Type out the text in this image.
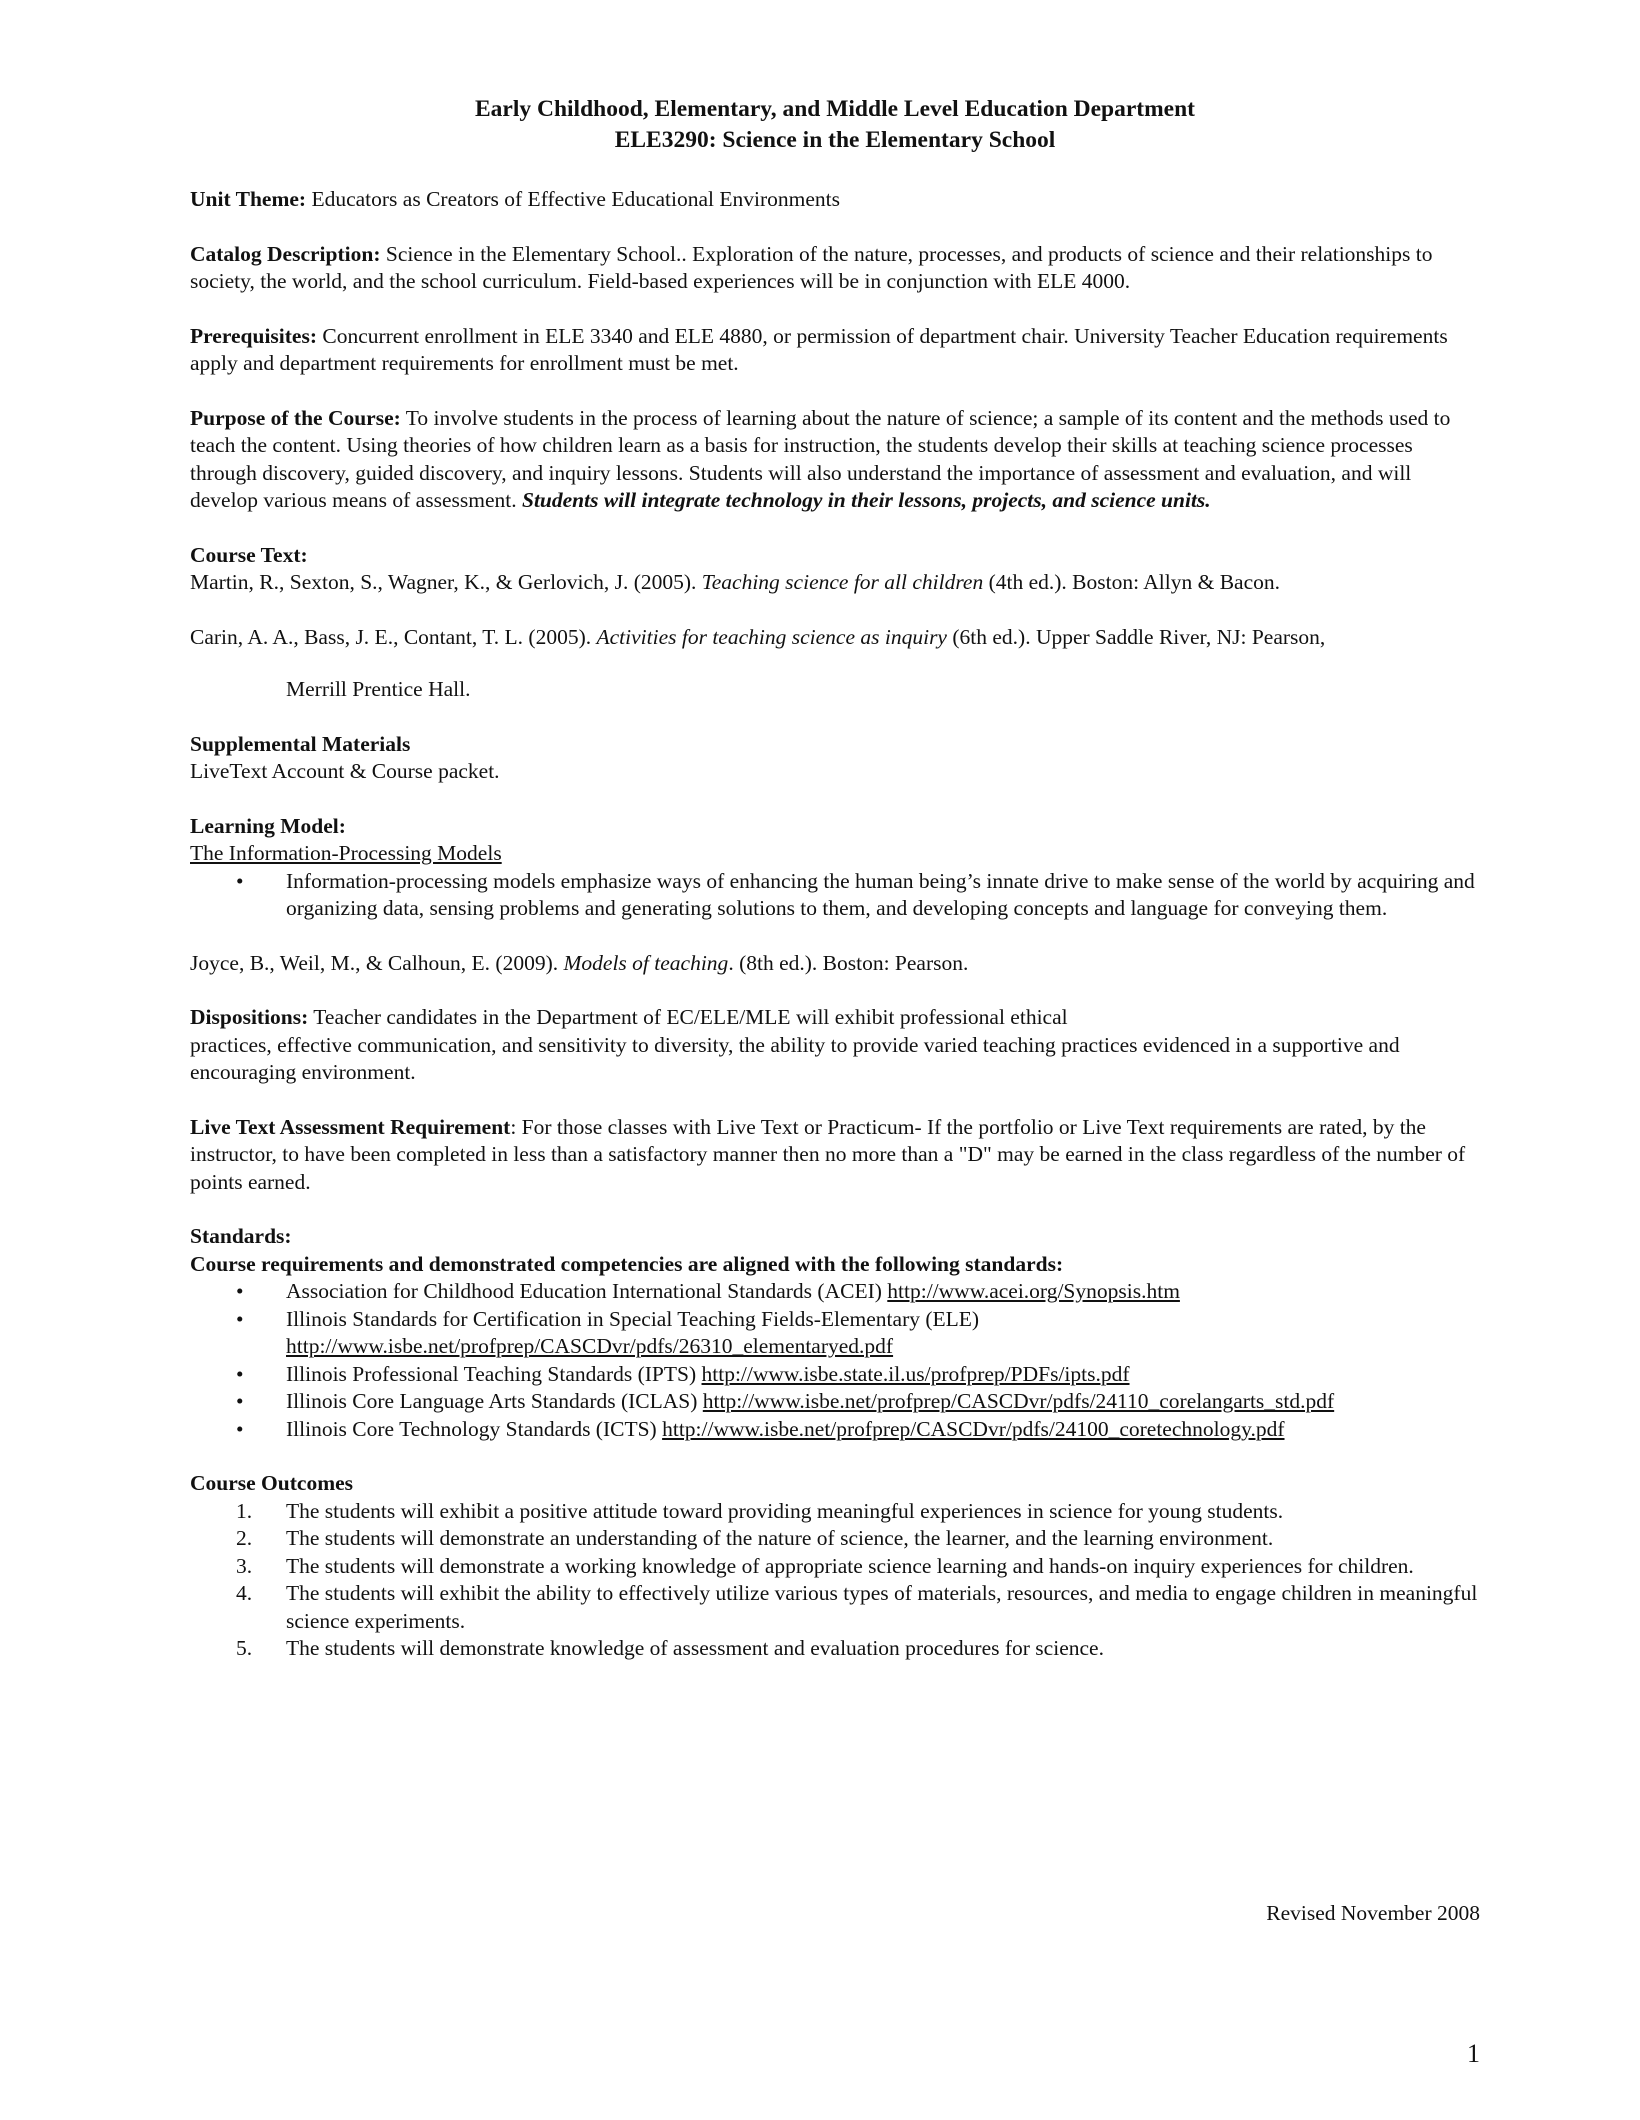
Early Childhood, Elementary, and Middle Level Education Department
ELE3290: Science in the Elementary School
Unit Theme: Educators as Creators of Effective Educational Environments
Catalog Description: Science in the Elementary School.. Exploration of the nature, processes, and products of science and their relationships to society, the world, and the school curriculum. Field-based experiences will be in conjunction with ELE 4000.
Prerequisites: Concurrent enrollment in ELE 3340 and ELE 4880, or permission of department chair. University Teacher Education requirements apply and department requirements for enrollment must be met.
Purpose of the Course: To involve students in the process of learning about the nature of science; a sample of its content and the methods used to teach the content. Using theories of how children learn as a basis for instruction, the students develop their skills at teaching science processes through discovery, guided discovery, and inquiry lessons. Students will also understand the importance of assessment and evaluation, and will develop various means of assessment. Students will integrate technology in their lessons, projects, and science units.
Course Text:
Martin, R., Sexton, S., Wagner, K., & Gerlovich, J. (2005). Teaching science for all children (4th ed.). Boston: Allyn & Bacon.
Carin, A. A., Bass, J. E., Contant, T. L. (2005). Activities for teaching science as inquiry (6th ed.). Upper Saddle River, NJ: Pearson,
Merrill Prentice Hall.
Supplemental Materials
LiveText Account & Course packet.
Learning Model:
The Information-Processing Models
• Information-processing models emphasize ways of enhancing the human being’s innate drive to make sense of the world by acquiring and organizing data, sensing problems and generating solutions to them, and developing concepts and language for conveying them.
Joyce, B., Weil, M., & Calhoun, E. (2009). Models of teaching. (8th ed.). Boston: Pearson.
Dispositions: Teacher candidates in the Department of EC/ELE/MLE will exhibit professional ethical
practices, effective communication, and sensitivity to diversity, the ability to provide varied teaching practices evidenced in a supportive and encouraging environment.
Live Text Assessment Requirement: For those classes with Live Text or Practicum- If the portfolio or Live Text requirements are rated, by the instructor, to have been completed in less than a satisfactory manner then no more than a "D" may be earned in the class regardless of the number of points earned.
Standards:
Course requirements and demonstrated competencies are aligned with the following standards:
• Association for Childhood Education International Standards (ACEI) http://www.acei.org/Synopsis.htm
• Illinois Standards for Certification in Special Teaching Fields-Elementary (ELE)
http://www.isbe.net/profprep/CASCDvr/pdfs/26310_elementaryed.pdf
• Illinois Professional Teaching Standards (IPTS) http://www.isbe.state.il.us/profprep/PDFs/ipts.pdf
• Illinois Core Language Arts Standards (ICLAS) http://www.isbe.net/profprep/CASCDvr/pdfs/24110_corelangarts_std.pdf
• Illinois Core Technology Standards (ICTS) http://www.isbe.net/profprep/CASCDvr/pdfs/24100_coretechnology.pdf
Course Outcomes
1. The students will exhibit a positive attitude toward providing meaningful experiences in science for young students.
2. The students will demonstrate an understanding of the nature of science, the learner, and the learning environment.
3. The students will demonstrate a working knowledge of appropriate science learning and hands-on inquiry experiences for children.
4. The students will exhibit the ability to effectively utilize various types of materials, resources, and media to engage children in meaningful science experiments.
5. The students will demonstrate knowledge of assessment and evaluation procedures for science.
Revised November 2008
1
